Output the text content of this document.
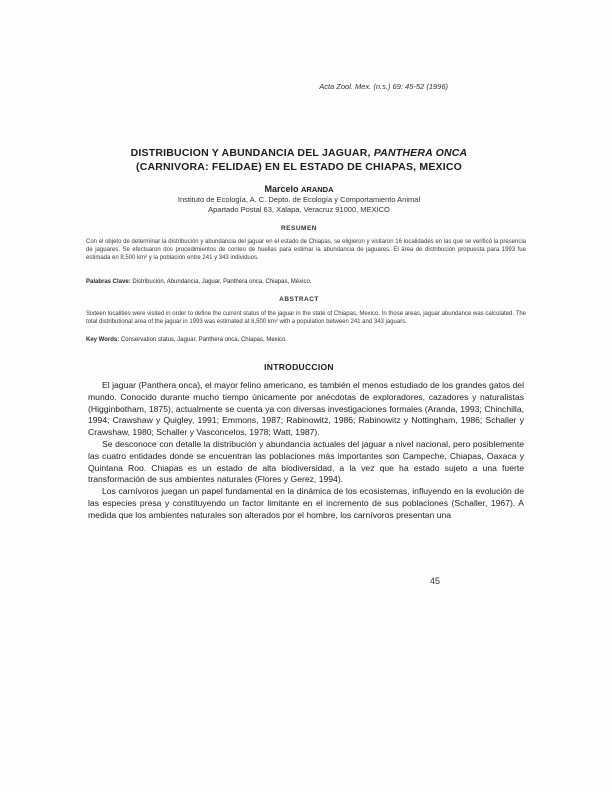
Acta Zool. Mex. (n.s.) 69: 45-52 (1996)
DISTRIBUCION Y ABUNDANCIA DEL JAGUAR, PANTHERA ONCA
(CARNIVORA: FELIDAE) EN EL ESTADO DE CHIAPAS, MEXICO
Marcelo ARANDA
Instituto de Ecología, A. C. Depto. de Ecología y Comportamiento Animal
Apartado Postal 63, Xalapa, Veracruz 91000, MEXICO
RESUMEN
Con el objeto de determinar la distribución y abundancia del jaguar en el estado de Chiapas, se eligieron y visitaron 16 localidades en las que se verificó la presencia de jaguares. Se efectuaron dos procedimientos de conteo de huellas para estimar la abundancia de jaguares. El área de distribución propuesta para 1993 fue estimada en 8,500 km² y la población entre 241 y 343 individuos.
Palabras Clave: Distribución, Abundancia, Jaguar, Panthera onca, Chiapas, México.
ABSTRACT
Sixteen localities were visited in order to define the current status of the jaguar in the state of Chiapas, Mexico. In those areas, jaguar abundance was calculated. The total distributional area of the jaguar in 1993 was estimated at 8,500 km² with a population between 241 and 343 jaguars.
Key Words: Conservation status, Jaguar, Panthera onca, Chiapas, Mexico.
INTRODUCCION

El jaguar (Panthera onca), el mayor felino americano, es también el menos estudiado de los grandes gatos del mundo. Conocido durante mucho tiempo únicamente por anécdotas de exploradores, cazadores y naturalistas (Higginbotham, 1875), actualmente se cuenta ya con diversas investigaciones formales (Aranda, 1993; Chinchilla, 1994; Crawshaw y Quigley, 1991; Emmons, 1987; Rabinowitz, 1986; Rabinowitz y Nottingham, 1986; Schaller y Crawshaw, 1980; Schaller y Vasconcelos, 1978; Watt, 1987).

Se desconoce con detalle la distribución y abundancia actuales del jaguar a nivel nacional, pero posiblemente las cuatro entidades donde se encuentran las poblaciones más importantes son Campeche, Chiapas, Oaxaca y Quintana Roo. Chiapas es un estado de alta biodiversidad, a la vez que ha estado sujeto a una fuerte transformación de sus ambientes naturales (Flores y Gerez, 1994).

Los carnívoros juegan un papel fundamental en la dinámica de los ecosistemas, influyendo en la evolución de las especies presa y constituyendo un factor limitante en el incremento de sus poblaciones (Schaller, 1967). A medida que los ambientes naturales son alterados por el hombre, los carnívoros presentan una

45
